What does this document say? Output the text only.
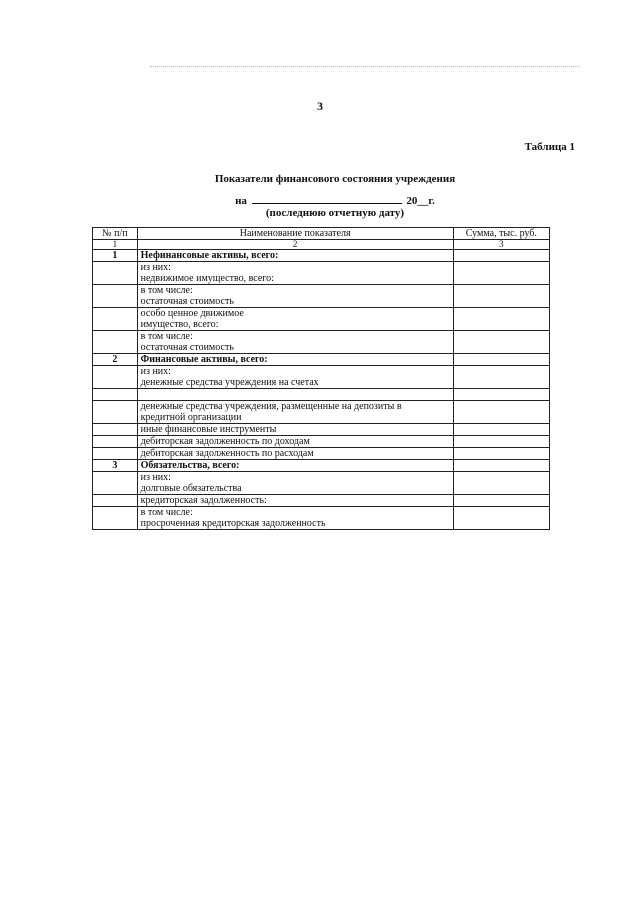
3
Таблица 1
Показатели финансового состояния учреждения
на	20__г.
(последнюю отчетную дату)
№ п/п	Наименование показателя	Сумма, тыс. руб.
1	2	3
1	Нефинансовые активы, всего:	

	из них:
недвижимое имущество, всего:	

	в том числе:
остаточная стоимость	

	особо ценное движимое
имущество, всего:	

	в том числе:
остаточная стоимость	

2	Финансовые активы, всего:	

	из них:
денежные средства учреждения на счетах	

	денежные средства учреждения, размещенные на депозиты в
кредитной организации	

	иные финансовые инструменты	

	дебиторская задолженность по доходам	

	дебиторская задолженность по расходам	

3	Обязательства, всего:	

	из них:
долговые обязательства	

	кредиторская задолженность:	

	в том числе:
просроченная кредиторская задолженность	
